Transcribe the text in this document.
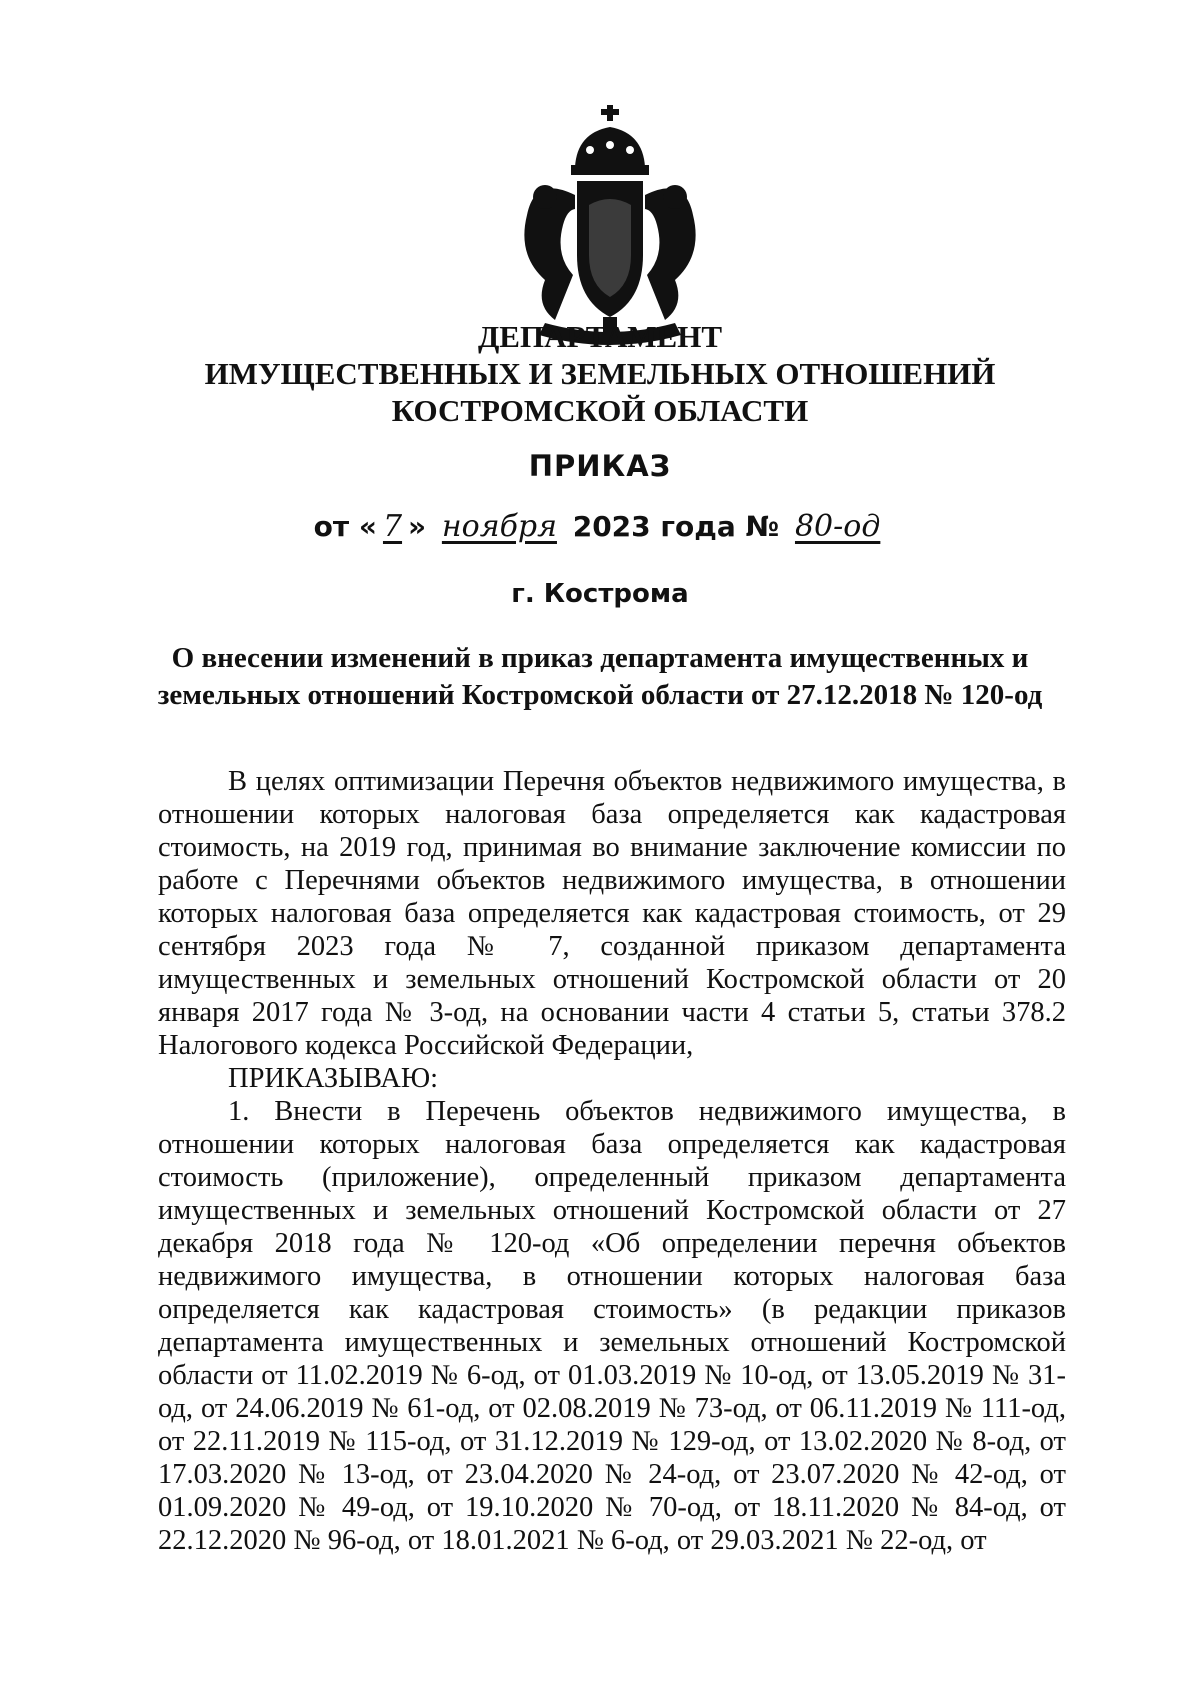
ДЕПАРТАМЕНТ
ИМУЩЕСТВЕННЫХ И ЗЕМЕЛЬНЫХ ОТНОШЕНИЙ
КОСТРОМСКОЙ ОБЛАСТИ
ПРИКАЗ
от « 7 » ноября 2023 года № 80-од
г. Кострома
О внесении изменений в приказ департамента имущественных и
земельных отношений Костромской области от 27.12.2018 № 120-од

В целях оптимизации Перечня объектов недвижимого имущества, в отношении которых налоговая база определяется как кадастровая стоимость, на 2019 год, принимая во внимание заключение комиссии по работе с Перечнями объектов недвижимого имущества, в отношении которых налоговая база определяется как кадастровая стоимость, от 29 сентября 2023 года № 7, созданной приказом департамента имущественных и земельных отношений Костромской области от 20 января 2017 года № 3-од, на основании части 4 статьи 5, статьи 378.2 Налогового кодекса Российской Федерации,

ПРИКАЗЫВАЮ:

1. Внести в Перечень объектов недвижимого имущества, в отношении которых налоговая база определяется как кадастровая стоимость (приложение), определенный приказом департамента имущественных и земельных отношений Костромской области от 27 декабря 2018 года № 120-од «Об определении перечня объектов недвижимого имущества, в отношении которых налоговая база определяется как кадастровая стоимость» (в редакции приказов департамента имущественных и земельных отношений Костромской области от 11.02.2019 № 6-од, от 01.03.2019 № 10-од, от 13.05.2019 № 31-од, от 24.06.2019 № 61-од, от 02.08.2019 № 73-од, от 06.11.2019 № 111-од, от 22.11.2019 № 115-од, от 31.12.2019 № 129-од, от 13.02.2020 № 8-од, от 17.03.2020 № 13-од, от 23.04.2020 № 24-од, от 23.07.2020 № 42-од, от 01.09.2020 № 49-од, от 19.10.2020 № 70-од, от 18.11.2020 № 84-од, от 22.12.2020 № 96-од, от 18.01.2021 № 6-од, от 29.03.2021 № 22-од, от
